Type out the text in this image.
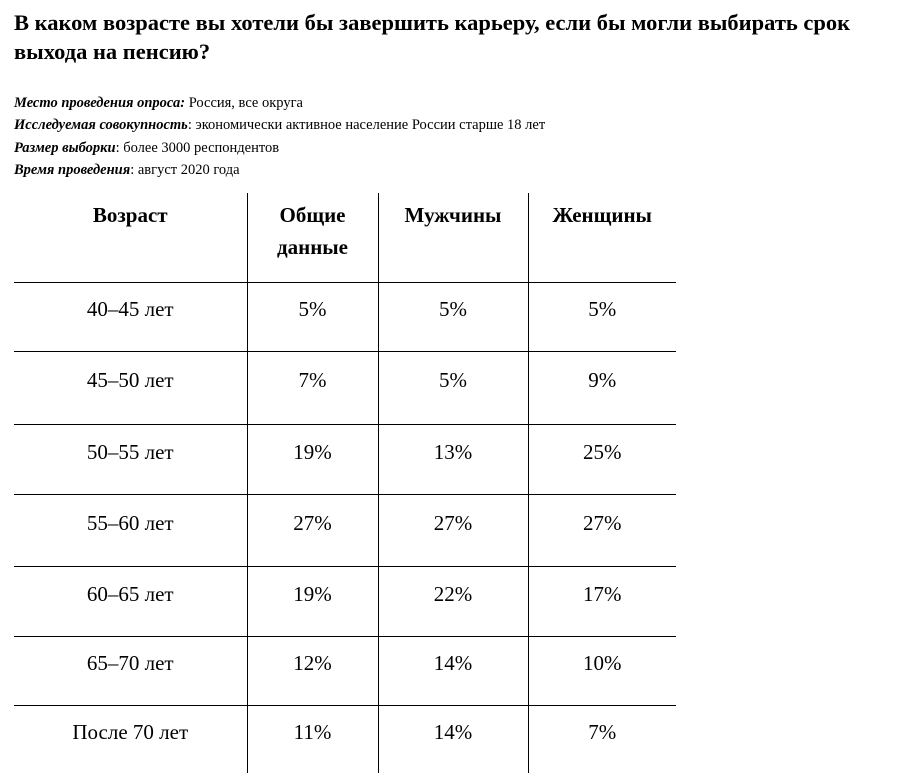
В каком возрасте вы хотели бы завершить карьеру, если бы могли выбирать срок выхода на пенсию?
Место проведения опроса: Россия, все округа
Исследуемая совокупность: экономически активное население России старше 18 лет
Размер выборки: более 3000 респондентов
Время проведения: август 2020 года
Возраст	Общие данные	Мужчины	Женщины
40–45 лет	5%	5%	5%
45–50 лет	7%	5%	9%
50–55 лет	19%	13%	25%
55–60 лет	27%	27%	27%
60–65 лет	19%	22%	17%
65–70 лет	12%	14%	10%
После 70 лет	11%	14%	7%
